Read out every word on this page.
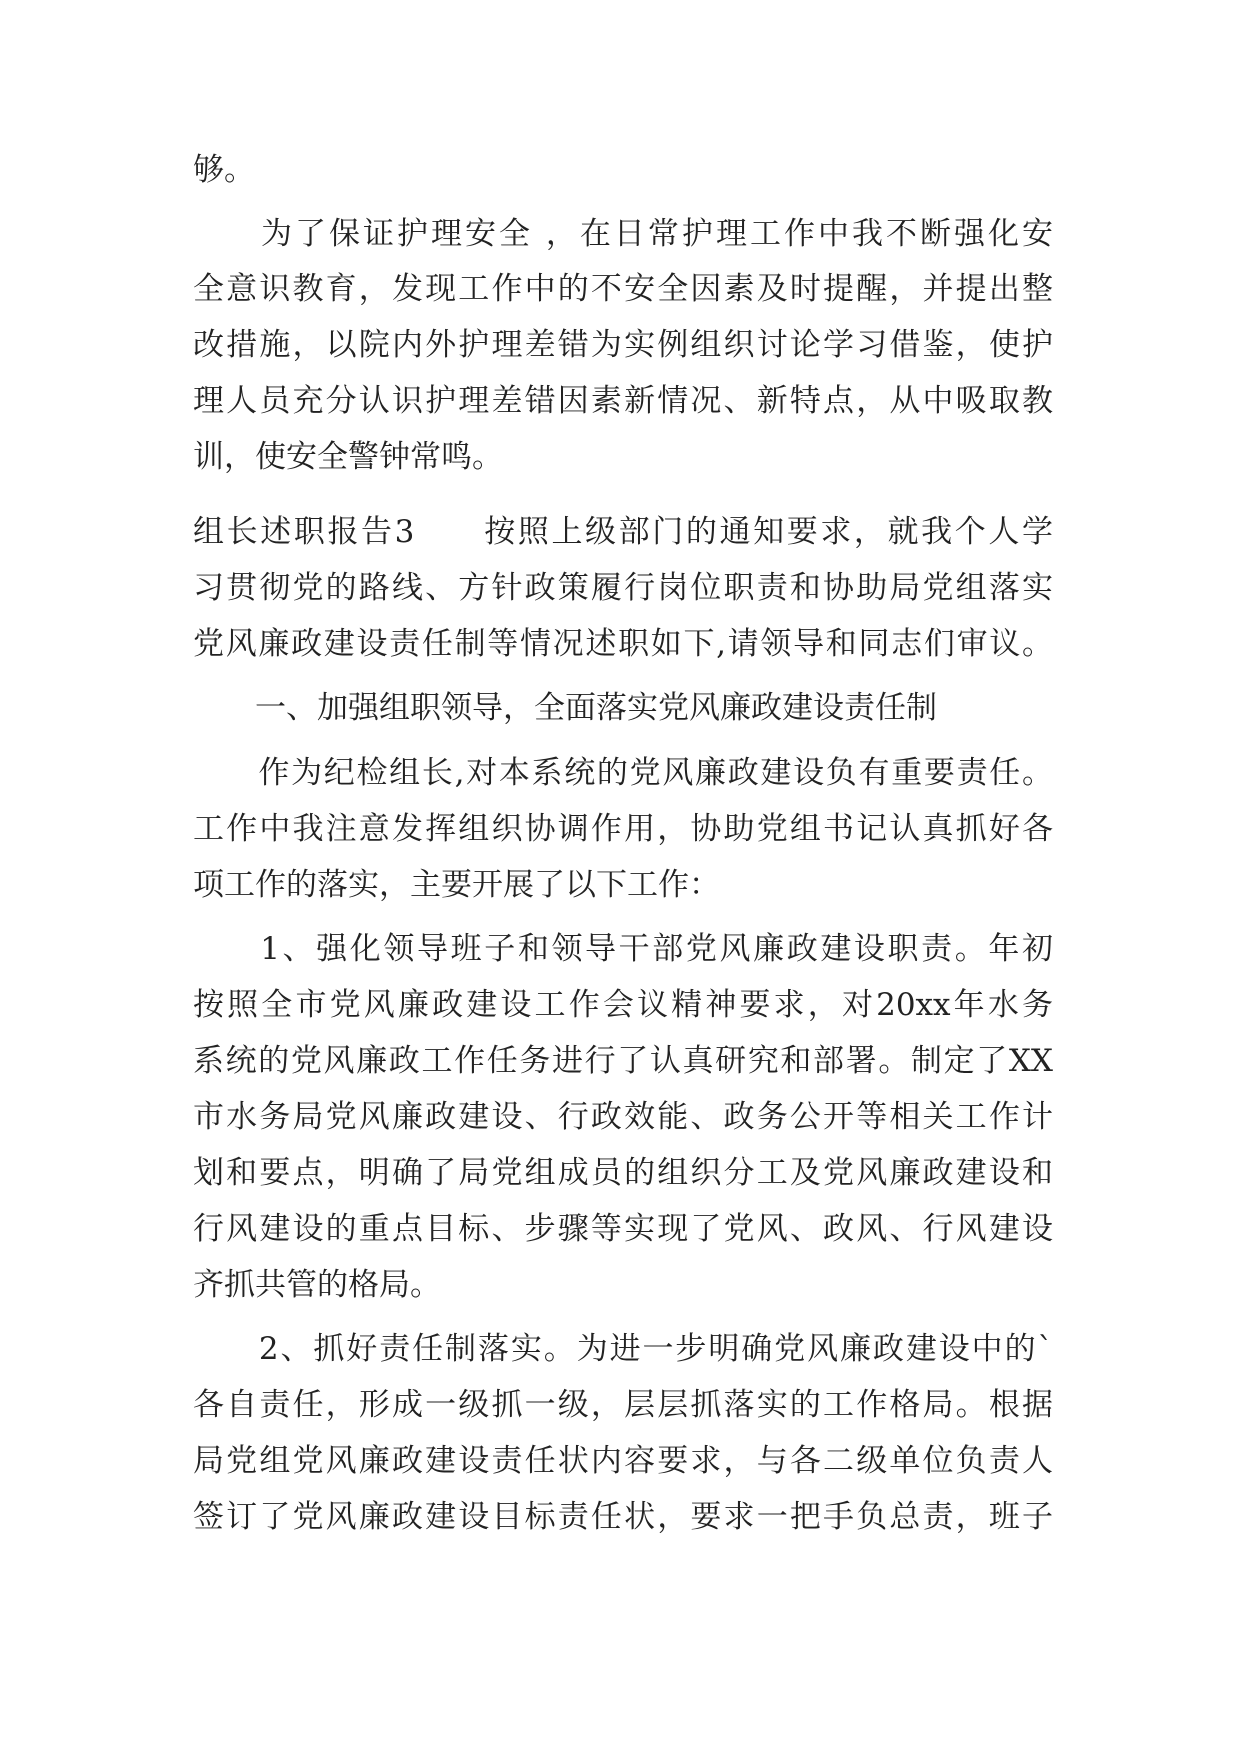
够。
　　为了保证护理安全 ，在日常护理工作中我不断强化安
全意识教育，发现工作中的不安全因素及时提醒，并提出整
改措施，以院内外护理差错为实例组织讨论学习借鉴，使护
理人员充分认识护理差错因素新情况、新特点，从中吸取教
训，使安全警钟常鸣。
组长述职报告3　　按照上级部门的通知要求，就我个人学
习贯彻党的路线、方针政策履行岗位职责和协助局党组落实
党风廉政建设责任制等情况述职如下,请领导和同志们审议。
　　一、加强组职领导，全面落实党风廉政建设责任制
　　作为纪检组长,对本系统的党风廉政建设负有重要责任。
工作中我注意发挥组织协调作用，协助党组书记认真抓好各
项工作的落实，主要开展了以下工作：
　　1、强化领导班子和领导干部党风廉政建设职责。年初
按照全市党风廉政建设工作会议精神要求，对20xx年水务
系统的党风廉政工作任务进行了认真研究和部署。制定了XX
市水务局党风廉政建设、行政效能、政务公开等相关工作计
划和要点，明确了局党组成员的组织分工及党风廉政建设和
行风建设的重点目标、步骤等实现了党风、政风、行风建设
齐抓共管的格局。
　　2、抓好责任制落实。为进一步明确党风廉政建设中的`
各自责任，形成一级抓一级，层层抓落实的工作格局。根据
局党组党风廉政建设责任状内容要求，与各二级单位负责人
签订了党风廉政建设目标责任状，要求一把手负总责，班子
